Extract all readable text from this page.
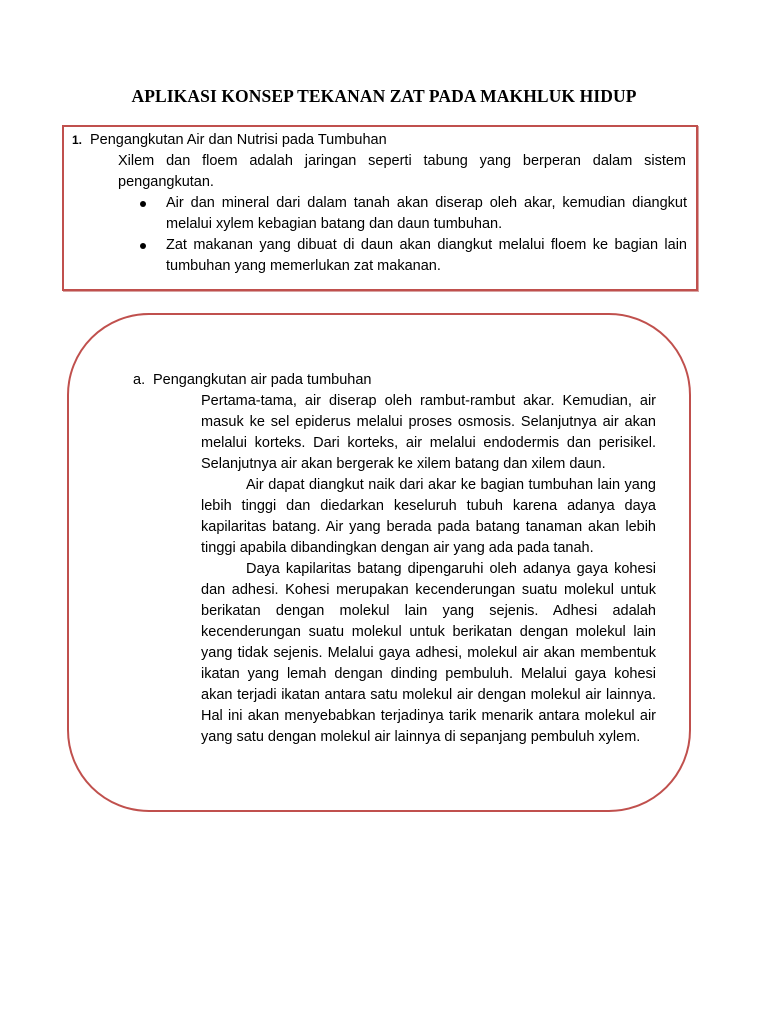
APLIKASI KONSEP TEKANAN ZAT PADA MAKHLUK HIDUP
1. Pengangkutan Air dan Nutrisi pada Tumbuhan
Xilem dan floem adalah jaringan seperti tabung yang berperan dalam sistem pengangkutan.
Air dan mineral dari dalam tanah akan diserap oleh akar, kemudian diangkut melalui xylem kebagian batang dan daun tumbuhan.
Zat makanan yang dibuat di daun akan diangkut melalui floem ke bagian lain tumbuhan yang memerlukan zat makanan.
a. Pengangkutan air pada tumbuhan

Pertama-tama, air diserap oleh rambut-rambut akar. Kemudian, air masuk ke sel epiderus melalui proses osmosis. Selanjutnya air akan melalui korteks. Dari korteks, air melalui endodermis dan perisikel. Selanjutnya air akan bergerak ke xilem batang dan xilem daun.

Air dapat diangkut naik dari akar ke bagian tumbuhan lain yang lebih tinggi dan diedarkan keseluruh tubuh karena adanya daya kapilaritas batang. Air yang berada pada batang tanaman akan lebih tinggi apabila dibandingkan dengan air yang ada pada tanah.

Daya kapilaritas batang dipengaruhi oleh adanya gaya kohesi dan adhesi. Kohesi merupakan kecenderungan suatu molekul untuk berikatan dengan molekul lain yang sejenis. Adhesi adalah kecenderungan suatu molekul untuk berikatan dengan molekul lain yang tidak sejenis. Melalui gaya adhesi, molekul air akan membentuk ikatan yang lemah dengan dinding pembuluh. Melalui gaya kohesi akan terjadi ikatan antara satu molekul air dengan molekul air lainnya. Hal ini akan menyebabkan terjadinya tarik menarik antara molekul air yang satu dengan molekul air lainnya di sepanjang pembuluh xylem.
